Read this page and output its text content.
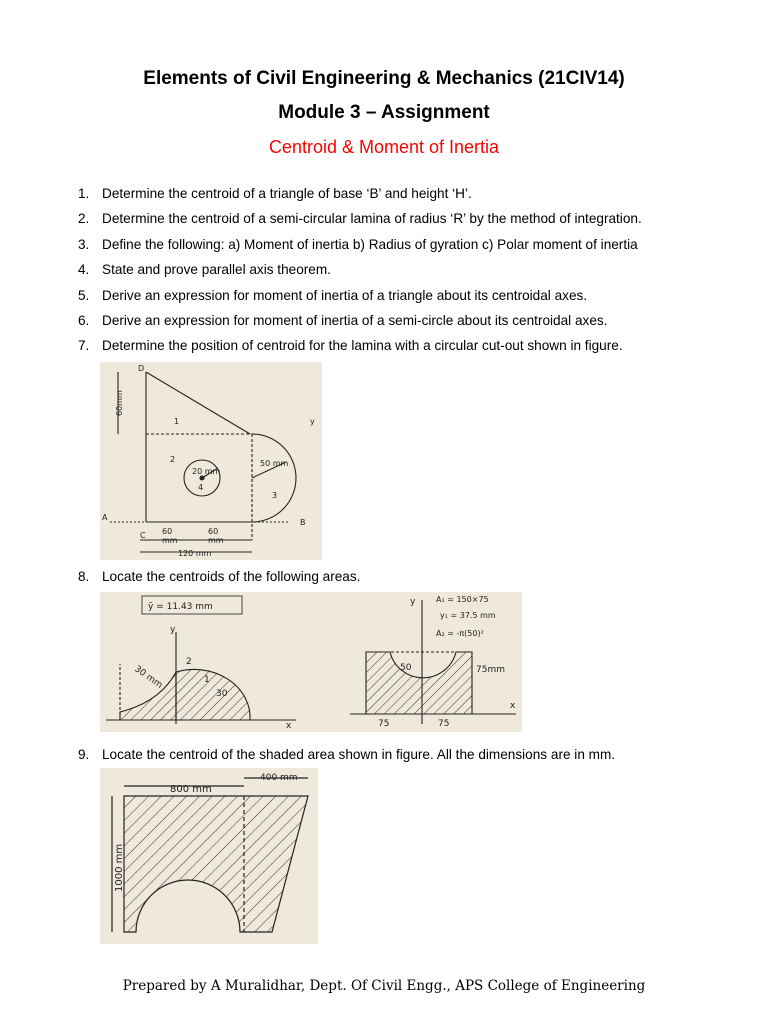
Elements of Civil Engineering & Mechanics (21CIV14)
Module 3 – Assignment
Centroid & Moment of Inertia
1. Determine the centroid of a triangle of base ‘B’ and height ‘H’.
2. Determine the centroid of a semi-circular lamina of radius ‘R’ by the method of integration.
3. Define the following: a) Moment of inertia b) Radius of gyration c) Polar moment of inertia
4. State and prove parallel axis theorem.
5. Derive an expression for moment of inertia of a triangle about its centroidal axes.
6. Derive an expression for moment of inertia of a semi-circle about its centroidal axes.
7. Determine the position of centroid for the lamina with a circular cut-out shown in figure.
D
A
B
C
60mm
60	60
mm	mm
120 mm
20 mm
50 mm
1
2
3
4
y
8. Locate the centroids of the following areas.
ȳ = 11.43 mm
x
y
30 mm
30
1
2
x
y	A₁ = 150×75
y₁ = 37.5 mm
A₂ = -π(50)²
50
75	75
75mm
9. Locate the centroid of the shaded area shown in figure. All the dimensions are in mm.
800 mm
400 mm
1000 mm
Prepared by A Muralidhar, Dept. Of Civil Engg., APS College of Engineering
